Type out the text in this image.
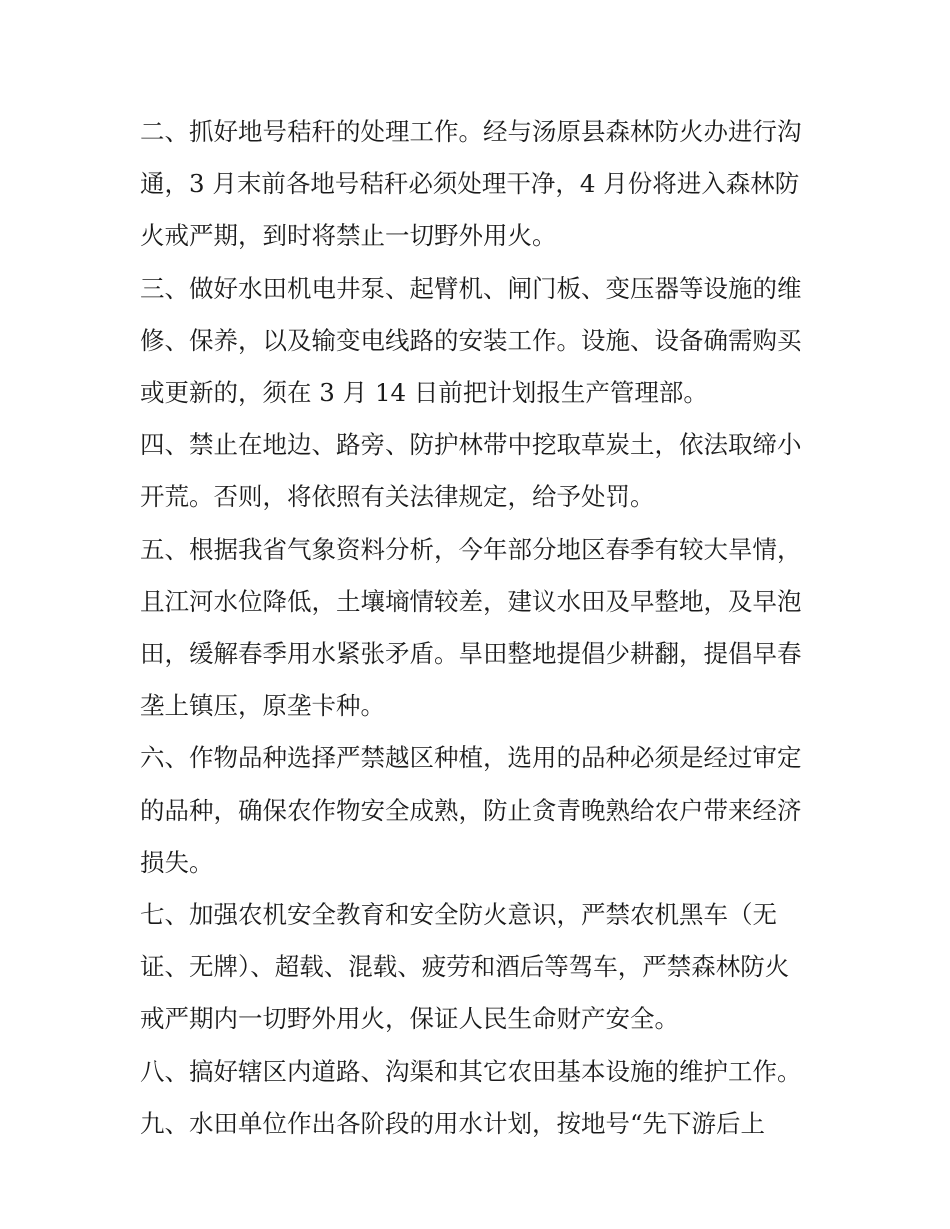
二、抓好地号秸秆的处理工作。经与汤原县森林防火办进行沟
通，3 月末前各地号秸秆必须处理干净，4 月份将进入森林防
火戒严期，到时将禁止一切野外用火。
三、做好水田机电井泵、起臂机、闸门板、变压器等设施的维
修、保养，以及输变电线路的安装工作。设施、设备确需购买
或更新的，须在 3 月 14 日前把计划报生产管理部。
四、禁止在地边、路旁、防护林带中挖取草炭土，依法取缔小
开荒。否则，将依照有关法律规定，给予处罚。
五、根据我省气象资料分析，今年部分地区春季有较大旱情，
且江河水位降低，土壤墒情较差，建议水田及早整地，及早泡
田，缓解春季用水紧张矛盾。旱田整地提倡少耕翻，提倡早春
垄上镇压，原垄卡种。
六、作物品种选择严禁越区种植，选用的品种必须是经过审定
的品种，确保农作物安全成熟，防止贪青晚熟给农户带来经济
损失。
七、加强农机安全教育和安全防火意识，严禁农机黑车（无
证、无牌）、超载、混载、疲劳和酒后等驾车，严禁森林防火
戒严期内一切野外用火，保证人民生命财产安全。
八、搞好辖区内道路、沟渠和其它农田基本设施的维护工作。
九、水田单位作出各阶段的用水计划，按地号“先下游后上
